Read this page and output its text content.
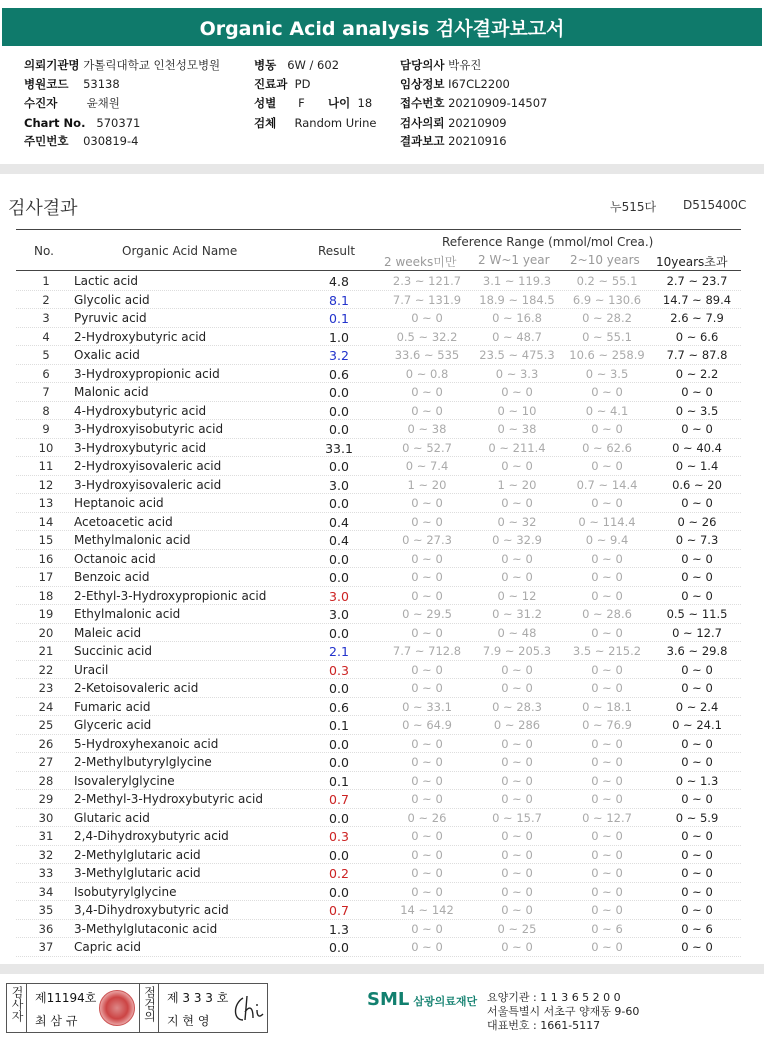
Organic Acid analysis 검사결과보고서
의뢰기관명 가톨릭대학교 인천성모병원	병동 6W / 602	담당의사 박유진
병원코드 53138	진료과 PD	임상정보 I67CL2200
수진자	윤채원	성별 F 나이 18 접수번호 20210909-14507
Chart No. 570371	검체 Random Urine 검사의뢰 20210909
주민번호 030819-4	결과보고 20210916
검사결과	누515다 D515400C
No.	Organic Acid Name	Result
Reference Range (mmol/mol Crea.)
2 weeks미만 2 W~1 year 2~10 years 10years초과
1	Lactic acid	4.8	2.3 ~ 121.7	3.1 ~ 119.3	0.2 ~ 55.1	2.7 ~ 23.7
2	Glycolic acid	8.1	7.7 ~ 131.9	18.9 ~ 184.5	6.9 ~ 130.6	14.7 ~ 89.4
3	Pyruvic acid	0.1	0 ~ 0	0 ~ 16.8	0 ~ 28.2	2.6 ~ 7.9
4	2-Hydroxybutyric acid	1.0	0.5 ~ 32.2	0 ~ 48.7	0 ~ 55.1	0 ~ 6.6
5	Oxalic acid	3.2	33.6 ~ 535	23.5 ~ 475.3	10.6 ~ 258.9	7.7 ~ 87.8
6	3-Hydroxypropionic acid	0.6	0 ~ 0.8	0 ~ 3.3	0 ~ 3.5	0 ~ 2.2
7	Malonic acid	0.0	0 ~ 0	0 ~ 0	0 ~ 0	0 ~ 0
8	4-Hydroxybutyric acid	0.0	0 ~ 0	0 ~ 10	0 ~ 4.1	0 ~ 3.5
9	3-Hydroxyisobutyric acid	0.0	0 ~ 38	0 ~ 38	0 ~ 0	0 ~ 0
10	3-Hydroxybutyric acid	33.1	0 ~ 52.7	0 ~ 211.4	0 ~ 62.6	0 ~ 40.4
11	2-Hydroxyisovaleric acid	0.0	0 ~ 7.4	0 ~ 0	0 ~ 0	0 ~ 1.4
12	3-Hydroxyisovaleric acid	3.0	1 ~ 20	1 ~ 20	0.7 ~ 14.4	0.6 ~ 20
13	Heptanoic acid	0.0	0 ~ 0	0 ~ 0	0 ~ 0	0 ~ 0
14	Acetoacetic acid	0.4	0 ~ 0	0 ~ 32	0 ~ 114.4	0 ~ 26
15	Methylmalonic acid	0.4	0 ~ 27.3	0 ~ 32.9	0 ~ 9.4	0 ~ 7.3
16	Octanoic acid	0.0	0 ~ 0	0 ~ 0	0 ~ 0	0 ~ 0
17	Benzoic acid	0.0	0 ~ 0	0 ~ 0	0 ~ 0	0 ~ 0
18	2-Ethyl-3-Hydroxypropionic acid	3.0	0 ~ 0	0 ~ 12	0 ~ 0	0 ~ 0
19	Ethylmalonic acid	3.0	0 ~ 29.5	0 ~ 31.2	0 ~ 28.6	0.5 ~ 11.5
20	Maleic acid	0.0	0 ~ 0	0 ~ 48	0 ~ 0	0 ~ 12.7
21	Succinic acid	2.1	7.7 ~ 712.8	7.9 ~ 205.3	3.5 ~ 215.2	3.6 ~ 29.8
22	Uracil	0.3	0 ~ 0	0 ~ 0	0 ~ 0	0 ~ 0
23	2-Ketoisovaleric acid	0.0	0 ~ 0	0 ~ 0	0 ~ 0	0 ~ 0
24	Fumaric acid	0.6	0 ~ 33.1	0 ~ 28.3	0 ~ 18.1	0 ~ 2.4
25	Glyceric acid	0.1	0 ~ 64.9	0 ~ 286	0 ~ 76.9	0 ~ 24.1
26	5-Hydroxyhexanoic acid	0.0	0 ~ 0	0 ~ 0	0 ~ 0	0 ~ 0
27	2-Methylbutyrylglycine	0.0	0 ~ 0	0 ~ 0	0 ~ 0	0 ~ 0
28	Isovalerylglycine	0.1	0 ~ 0	0 ~ 0	0 ~ 0	0 ~ 1.3
29	2-Methyl-3-Hydroxybutyric acid	0.7	0 ~ 0	0 ~ 0	0 ~ 0	0 ~ 0
30	Glutaric acid	0.0	0 ~ 26	0 ~ 15.7	0 ~ 12.7	0 ~ 5.9
31	2,4-Dihydroxybutyric acid	0.3	0 ~ 0	0 ~ 0	0 ~ 0	0 ~ 0
32	2-Methylglutaric acid	0.0	0 ~ 0	0 ~ 0	0 ~ 0	0 ~ 0
33	3-Methylglutaric acid	0.2	0 ~ 0	0 ~ 0	0 ~ 0	0 ~ 0
34	Isobutyrylglycine	0.0	0 ~ 0	0 ~ 0	0 ~ 0	0 ~ 0
35	3,4-Dihydroxybutyric acid	0.7	14 ~ 142	0 ~ 0	0 ~ 0	0 ~ 0
36	3-Methylglutaconic acid	1.3	0 ~ 0	0 ~ 25	0 ~ 6	0 ~ 6
37	Capric acid	0.0	0 ~ 0	0 ~ 0	0 ~ 0	0 ~ 0
검사자 제11194호
최 삼 규	점검의 제 3 3 3 호
지 현 영
SML 삼광의료재단 요양기관 : 1 1 3 6 5 2 0 0
서울특별시 서초구 양재동 9-60
대표번호 : 1661-5117
